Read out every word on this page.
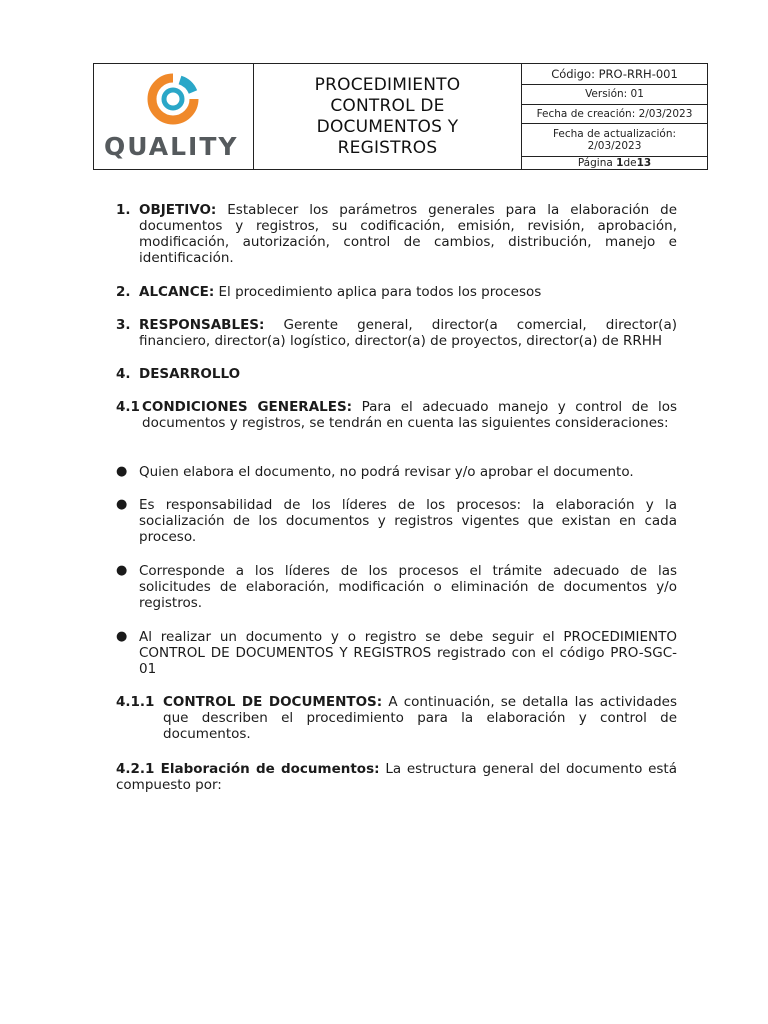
QUALITY
PROCEDIMIENTO
CONTROL DE
DOCUMENTOS Y
REGISTROS
Código: PRO-RRH-001
Versión: 01
Fecha de creación: 2/03/2023
Fecha de actualización:
2/03/2023
Página
1 de 13
1. OBJETIVO: Establecer los parámetros generales para la elaboración de documentos y registros, su codificación, emisión, revisión, aprobación, modificación, autorización, control de cambios, distribución, manejo e identificación.
2. ALCANCE: El procedimiento aplica para todos los procesos
3. RESPONSABLES: Gerente general, director(a comercial, director(a) financiero, director(a) logístico, director(a) de proyectos, director(a) de RRHH
4. DESARROLLO
4.1 CONDICIONES GENERALES: Para el adecuado manejo y control de los documentos y registros, se tendrán en cuenta las siguientes consideraciones:
● Quien elabora el documento, no podrá revisar y/o aprobar el documento.
● Es responsabilidad de los líderes de los procesos: la elaboración y la socialización de los documentos y registros vigentes que existan en cada proceso.
● Corresponde a los líderes de los procesos el trámite adecuado de las solicitudes de elaboración, modificación o eliminación de documentos y/o registros.
● Al realizar un documento y o registro se debe seguir el PROCEDIMIENTO CONTROL DE DOCUMENTOS Y REGISTROS registrado con el código PRO-SGC-01
4.1.1 CONTROL DE DOCUMENTOS: A continuación, se detalla las actividades que describen el procedimiento para la elaboración y control de documentos.
4.2.1 Elaboración de documentos: La estructura general del documento está compuesto por:
